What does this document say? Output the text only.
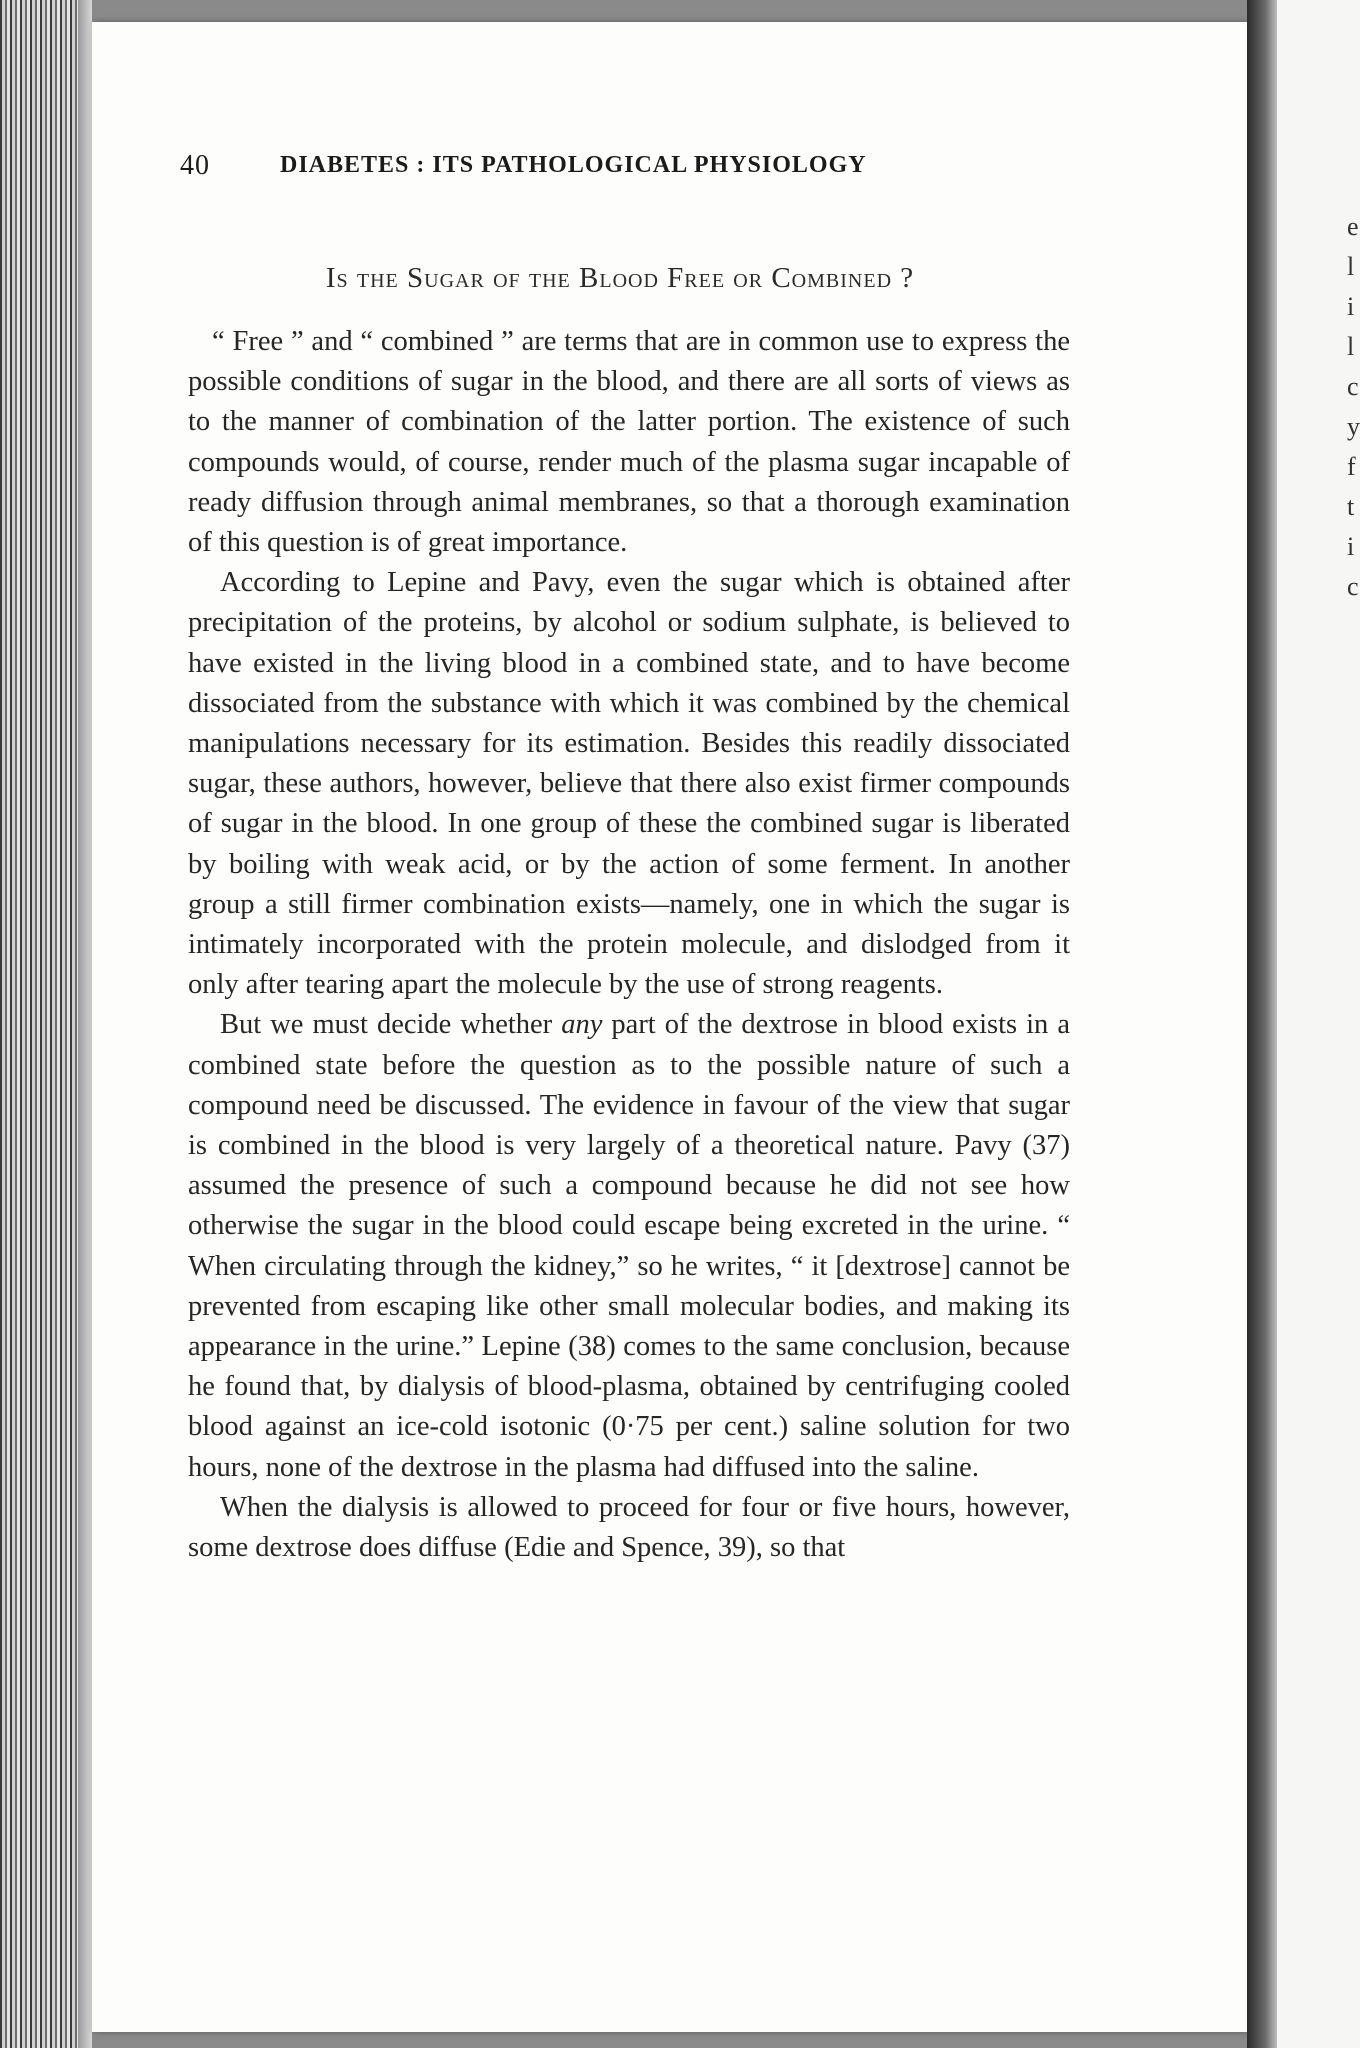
e
l
i
l
c
y
f
t
i
c
40	DIABETES : ITS PATHOLOGICAL PHYSIOLOGY
Is the Sugar of the Blood Free or Combined ?

“ Free ” and “ combined ” are terms that are in common use to express the possible conditions of sugar in the blood, and there are all sorts of views as to the manner of combination of the latter portion. The existence of such compounds would, of course, render much of the plasma sugar incapable of ready diffusion through animal membranes, so that a thorough examination of this question is of great importance.

According to Lepine and Pavy, even the sugar which is obtained after precipitation of the proteins, by alcohol or sodium sulphate, is believed to have existed in the living blood in a combined state, and to have become dissociated from the substance with which it was combined by the chemical manipulations necessary for its estimation. Besides this readily dissociated sugar, these authors, however, believe that there also exist firmer compounds of sugar in the blood. In one group of these the combined sugar is liberated by boiling with weak acid, or by the action of some ferment. In another group a still firmer combination exists—namely, one in which the sugar is intimately incorporated with the protein molecule, and dislodged from it only after tearing apart the molecule by the use of strong reagents.

But we must decide whether any part of the dextrose in blood exists in a combined state before the question as to the possible nature of such a compound need be discussed. The evidence in favour of the view that sugar is combined in the blood is very largely of a theoretical nature. Pavy (37) assumed the presence of such a compound because he did not see how otherwise the sugar in the blood could escape being excreted in the urine. “ When circulating through the kidney,” so he writes, “ it [dextrose] cannot be prevented from escaping like other small molecular bodies, and making its appearance in the urine.” Lepine (38) comes to the same conclusion, because he found that, by dialysis of blood-plasma, obtained by centrifuging cooled blood against an ice-cold isotonic (0·75 per cent.) saline solution for two hours, none of the dextrose in the plasma had diffused into the saline.

When the dialysis is allowed to proceed for four or five hours, however, some dextrose does diffuse (Edie and Spence, 39), so that
